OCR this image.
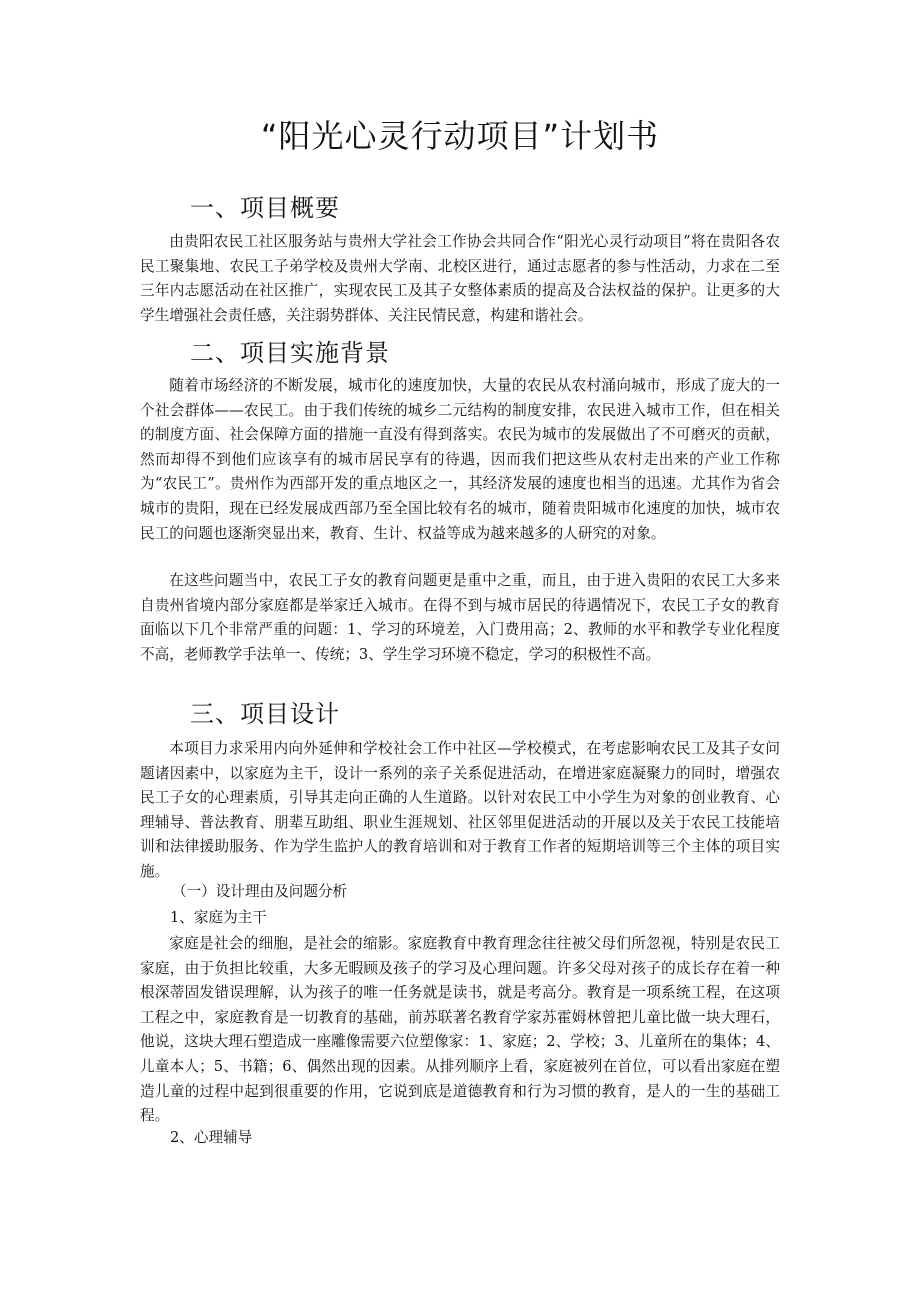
“阳光心灵行动项目”计划书
一、项目概要

由贵阳农民工社区服务站与贵州大学社会工作协会共同合作“阳光心灵行动项目”将在贵阳各农民工聚集地、农民工子弟学校及贵州大学南、北校区进行，通过志愿者的参与性活动，力求在二至三年内志愿活动在社区推广，实现农民工及其子女整体素质的提高及合法权益的保护。让更多的大学生增强社会责任感，关注弱势群体、关注民情民意，构建和谐社会。

二、项目实施背景

随着市场经济的不断发展，城市化的速度加快，大量的农民从农村涌向城市，形成了庞大的一个社会群体——农民工。由于我们传统的城乡二元结构的制度安排，农民进入城市工作，但在相关的制度方面、社会保障方面的措施一直没有得到落实。农民为城市的发展做出了不可磨灭的贡献，然而却得不到他们应该享有的城市居民享有的待遇，因而我们把这些从农村走出来的产业工作称为“农民工”。贵州作为西部开发的重点地区之一，其经济发展的速度也相当的迅速。尤其作为省会城市的贵阳，现在已经发展成西部乃至全国比较有名的城市，随着贵阳城市化速度的加快，城市农民工的问题也逐渐突显出来，教育、生计、权益等成为越来越多的人研究的对象。

在这些问题当中，农民工子女的教育问题更是重中之重，而且，由于进入贵阳的农民工大多来自贵州省境内部分家庭都是举家迁入城市。在得不到与城市居民的待遇情况下，农民工子女的教育面临以下几个非常严重的问题：1、学习的环境差，入门费用高；2、教师的水平和教学专业化程度不高，老师教学手法单一、传统；3、学生学习环境不稳定，学习的积极性不高。

三、项目设计

本项目力求采用内向外延伸和学校社会工作中社区—学校模式，在考虑影响农民工及其子女问题诸因素中，以家庭为主干，设计一系列的亲子关系促进活动，在增进家庭凝聚力的同时，增强农民工子女的心理素质，引导其走向正确的人生道路。以针对农民工中小学生为对象的创业教育、心理辅导、普法教育、朋辈互助组、职业生涯规划、社区邻里促进活动的开展以及关于农民工技能培训和法律援助服务、作为学生监护人的教育培训和对于教育工作者的短期培训等三个主体的项目实施。

（一）设计理由及问题分析

1、家庭为主干

家庭是社会的细胞，是社会的缩影。家庭教育中教育理念往往被父母们所忽视，特别是农民工家庭，由于负担比较重，大多无暇顾及孩子的学习及心理问题。许多父母对孩子的成长存在着一种根深蒂固发错误理解，认为孩子的唯一任务就是读书，就是考高分。教育是一项系统工程，在这项工程之中，家庭教育是一切教育的基础，前苏联著名教育学家苏霍姆林曾把儿童比做一块大理石，他说，这块大理石塑造成一座雕像需要六位塑像家：1、家庭；2、学校；3、儿童所在的集体；4、儿童本人；5、书籍；6、偶然出现的因素。从排列顺序上看，家庭被列在首位，可以看出家庭在塑造儿童的过程中起到很重要的作用，它说到底是道德教育和行为习惯的教育，是人的一生的基础工程。

2、心理辅导
